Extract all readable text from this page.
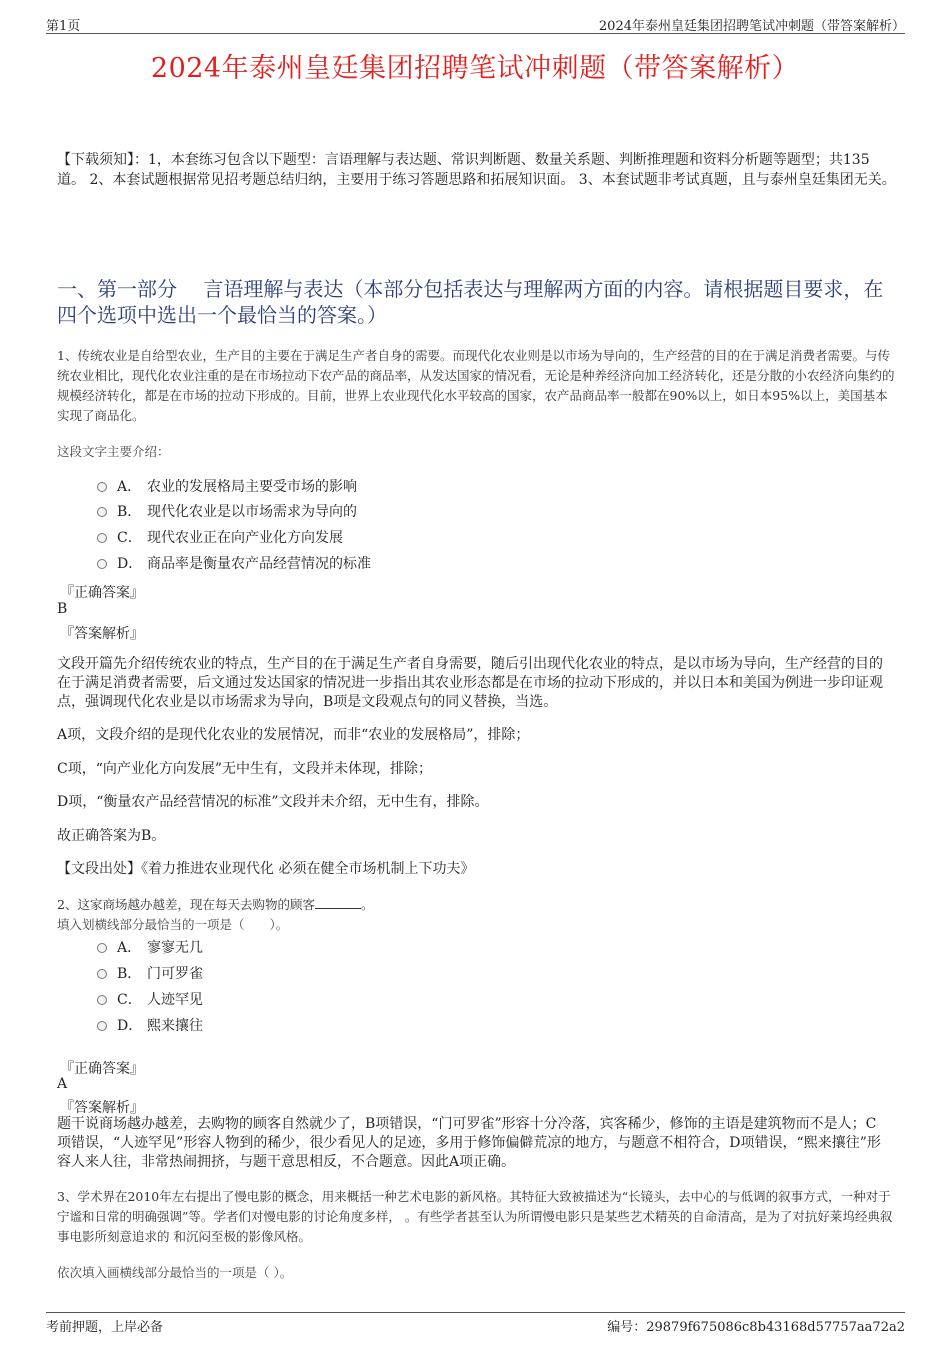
第1页	2024年泰州皇廷集团招聘笔试冲刺题（带答案解析）
2024年泰州皇廷集团招聘笔试冲刺题（带答案解析）
【下载须知】：1，本套练习包含以下题型：言语理解与表达题、常识判断题、数量关系题、判断推理题和资料分析题等题型；共135道。 2、本套试题根据常见招考题总结归纳，主要用于练习答题思路和拓展知识面。 3、本套试题非考试真题，且与泰州皇廷集团无关。
一、第一部分　 言语理解与表达（本部分包括表达与理解两方面的内容。请根据题目要求，在四个选项中选出一个最恰当的答案。）
1、传统农业是自给型农业，生产目的主要在于满足生产者自身的需要。而现代化农业则是以市场为导向的，生产经营的目的在于满足消费者需要。与传统农业相比，现代化农业注重的是在市场拉动下农产品的商品率，从发达国家的情况看，无论是种养经济向加工经济转化，还是分散的小农经济向集约的规模经济转化，都是在市场的拉动下形成的。目前，世界上农业现代化水平较高的国家，农产品商品率一般都在90%以上，如日本95%以上，美国基本实现了商品化。
这段文字主要介绍：
A． 农业的发展格局主要受市场的影响
B． 现代化农业是以市场需求为导向的
C． 现代农业正在向产业化方向发展
D． 商品率是衡量农产品经营情况的标准
『正确答案』
B
『答案解析』
文段开篇先介绍传统农业的特点，生产目的在于满足生产者自身需要，随后引出现代化农业的特点，是以市场为导向，生产经营的目的在于满足消费者需要，后文通过发达国家的情况进一步指出其农业形态都是在市场的拉动下形成的，并以日本和美国为例进一步印证观点，强调现代化农业是以市场需求为导向，B项是文段观点句的同义替换，当选。
A项，文段介绍的是现代化农业的发展情况，而非“农业的发展格局”，排除；
C项，“向产业化方向发展”无中生有，文段并未体现，排除；
D项，“衡量农产品经营情况的标准”文段并未介绍，无中生有，排除。
故正确答案为B。
【文段出处】《着力推进农业现代化 必须在健全市场机制上下功夫》
2、这家商场越办越差，现在每天去购物的顾客	。
填入划横线部分最恰当的一项是（　　）。
A． 寥寥无几
B． 门可罗雀
C． 人迹罕见
D． 熙来攘往
『正确答案』
A
『答案解析』
题干说商场越办越差，去购物的顾客自然就少了，B项错误，“门可罗雀”形容十分冷落，宾客稀少，修饰的主语是建筑物而不是人；C项错误，“人迹罕见”形容人物到的稀少，很少看见人的足迹，多用于修饰偏僻荒凉的地方，与题意不相符合，D项错误，“熙来攘往”形容人来人往，非常热闹拥挤，与题干意思相反，不合题意。因此A项正确。
3、学术界在2010年左右提出了慢电影的概念，用来概括一种艺术电影的新风格。其特征大致被描述为“长镜头，去中心的与低调的叙事方式，一种对于宁谧和日常的明确强调”等。学者们对慢电影的讨论角度多样， 。有些学者甚至认为所谓慢电影只是某些艺术精英的自命清高，是为了对抗好莱坞经典叙事电影所刻意追求的 和沉闷至极的影像风格。
依次填入画横线部分最恰当的一项是（ ）。
考前押题，上岸必备	编号：29879f675086c8b43168d57757aa72a2
